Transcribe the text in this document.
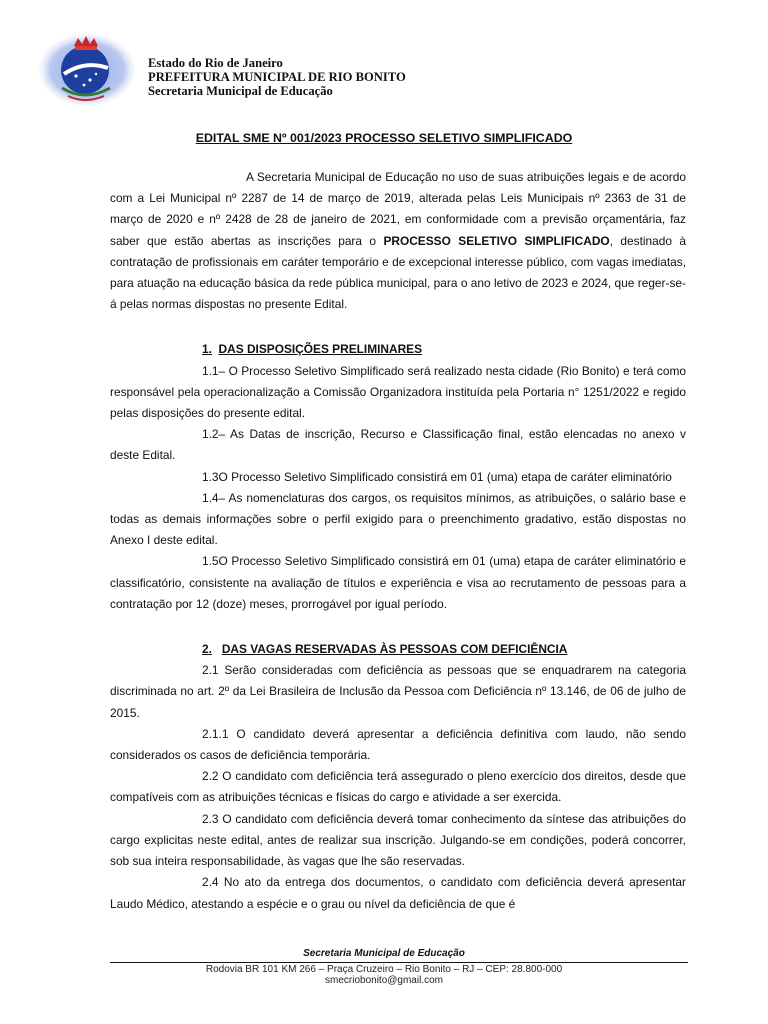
Estado do Rio de Janeiro
PREFEITURA MUNICIPAL DE RIO BONITO
Secretaria Municipal de Educação
EDITAL SME Nº 001/2023 PROCESSO SELETIVO SIMPLIFICADO

A Secretaria Municipal de Educação no uso de suas atribuições legais e de acordo com a Lei Municipal nº 2287 de 14 de março de 2019, alterada pelas Leis Municipais nº 2363 de 31 de março de 2020 e nº 2428 de 28 de janeiro de 2021, em conformidade com a previsão orçamentária, faz saber que estão abertas as inscrições para o PROCESSO SELETIVO SIMPLIFICADO, destinado à contratação de profissionais em caráter temporário e de excepcional interesse público, com vagas imediatas, para atuação na educação básica da rede pública municipal, para o ano letivo de 2023 e 2024, que reger-se-á pelas normas dispostas no presente Edital.

1. DAS DISPOSIÇÕES PRELIMINARES

1.1– O Processo Seletivo Simplificado será realizado nesta cidade (Rio Bonito) e terá como responsável pela operacionalização a Comissão Organizadora instituída pela Portaria n° 1251/2022 e regido pelas disposições do presente edital.

1.2– As Datas de inscrição, Recurso e Classificação final, estão elencadas no anexo v deste Edital.

1.3O Processo Seletivo Simplificado consistirá em 01 (uma) etapa de caráter eliminatório

1.4– As nomenclaturas dos cargos, os requisitos mínimos, as atribuições, o salário base e todas as demais informações sobre o perfil exigido para o preenchimento gradativo, estão dispostas no Anexo I deste edital.

1.5O Processo Seletivo Simplificado consistirá em 01 (uma) etapa de caráter eliminatório e classificatório, consistente na avaliação de títulos e experiência e visa ao recrutamento de pessoas para a contratação por 12 (doze) meses, prorrogável por igual período.

2. DAS VAGAS RESERVADAS ÀS PESSOAS COM DEFICIÊNCIA

2.1 Serão consideradas com deficiência as pessoas que se enquadrarem na categoria discriminada no art. 2º da Lei Brasileira de Inclusão da Pessoa com Deficiência nº 13.146, de 06 de julho de 2015.

2.1.1 O candidato deverá apresentar a deficiência definitiva com laudo, não sendo considerados os casos de deficiência temporária.

2.2 O candidato com deficiência terá assegurado o pleno exercício dos direitos, desde que compatíveis com as atribuições técnicas e físicas do cargo e atividade a ser exercida.

2.3 O candidato com deficiência deverá tomar conhecimento da síntese das atribuições do cargo explicitas neste edital, antes de realizar sua inscrição. Julgando-se em condições, poderá concorrer, sob sua inteira responsabilidade, às vagas que lhe são reservadas.

2.4 No ato da entrega dos documentos, o candidato com deficiência deverá apresentar Laudo Médico, atestando a espécie e o grau ou nível da deficiência de que é

Secretaria Municipal de Educação
Rodovia BR 101 KM 266 – Praça Cruzeiro – Rio Bonito – RJ – CEP: 28.800-000
smecriobonito@gmail.com
